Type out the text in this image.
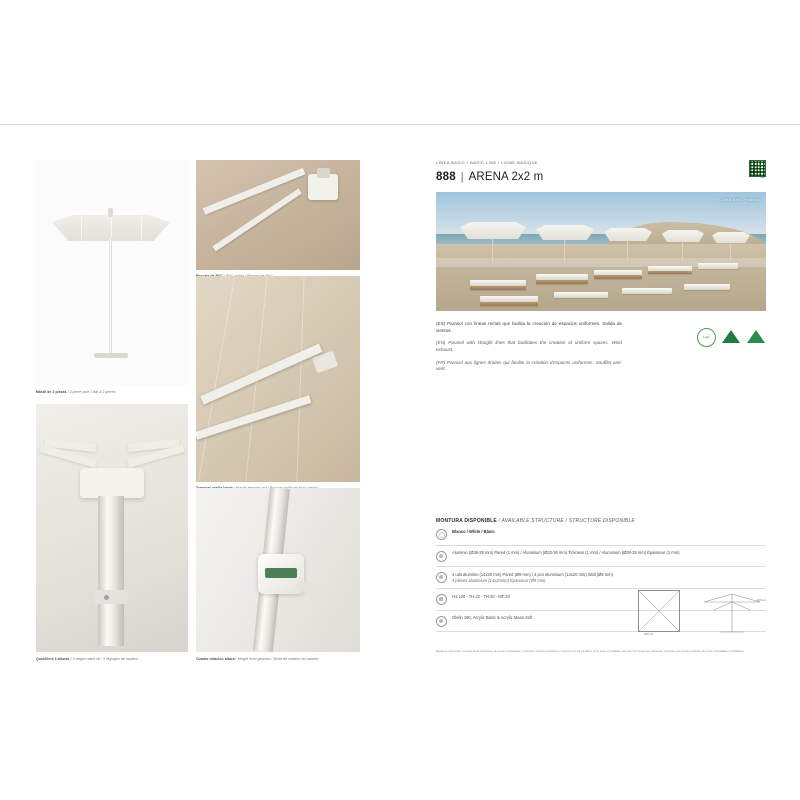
Mástil de 2 piezas / 2-piece pole / Mât à 2 pièces
Quebillera 3 alturas / 3 height rated rib / 3 réglages de hauteur	Cuadro rotación altura / Height level gearbox / Boîte de rotation en hauteur
LÍNEA BASIC / BASIC LINE / LIGNE BASIQUE
888 | ARENA 2x2 m	web
Costa Azul, Francia

(ES) Parasol con líneas rectas que facilita la creación de espacios uniformes. Salida de vientos.

(EN) Parasol with straight lines that facilitates the creation of uniform spaces. Wind exhaust.

(FR) Parasol aux lignes droites qui facilite la création d'espaces uniformes. Soufflet anti-vent.

Logo
MONTURA DISPONIBLE / AVAILABLE STRUCTURE / STRUCTURE DISPONIBLE
Blanco / White / Blanc
Aluminio (Ø38-35 mm) Pared (1 mm) / Aluminium (Ø33-36 mm) Tickness (1 mm) / Aluminium (Ø38-35 mm) Épaisseur (1 mm)
4 uds aluminio (14x20 mm) Pared (Ø9 mm) / 4 pcs aluminium (14x20 mm) Wall (Ø9 mm)
4 pièces aluminium (14x20mm) Épaisseur (Ø9 mm)
H1:120 - TH:22 - TH:30 - MF:20
Olefin 190, Acrylic Basic & Acrylic Masa Soft
200 cm
240 cm
Basado en tolerancias. Consulte de las condiciones de uso en la instalación y colocación / Based on tolerances. Consult us on the conditions of the areas of installation and use / Sur la base des tolérances. Consultez-nous sur les conditions des zones d'installation et d'utilisation.
